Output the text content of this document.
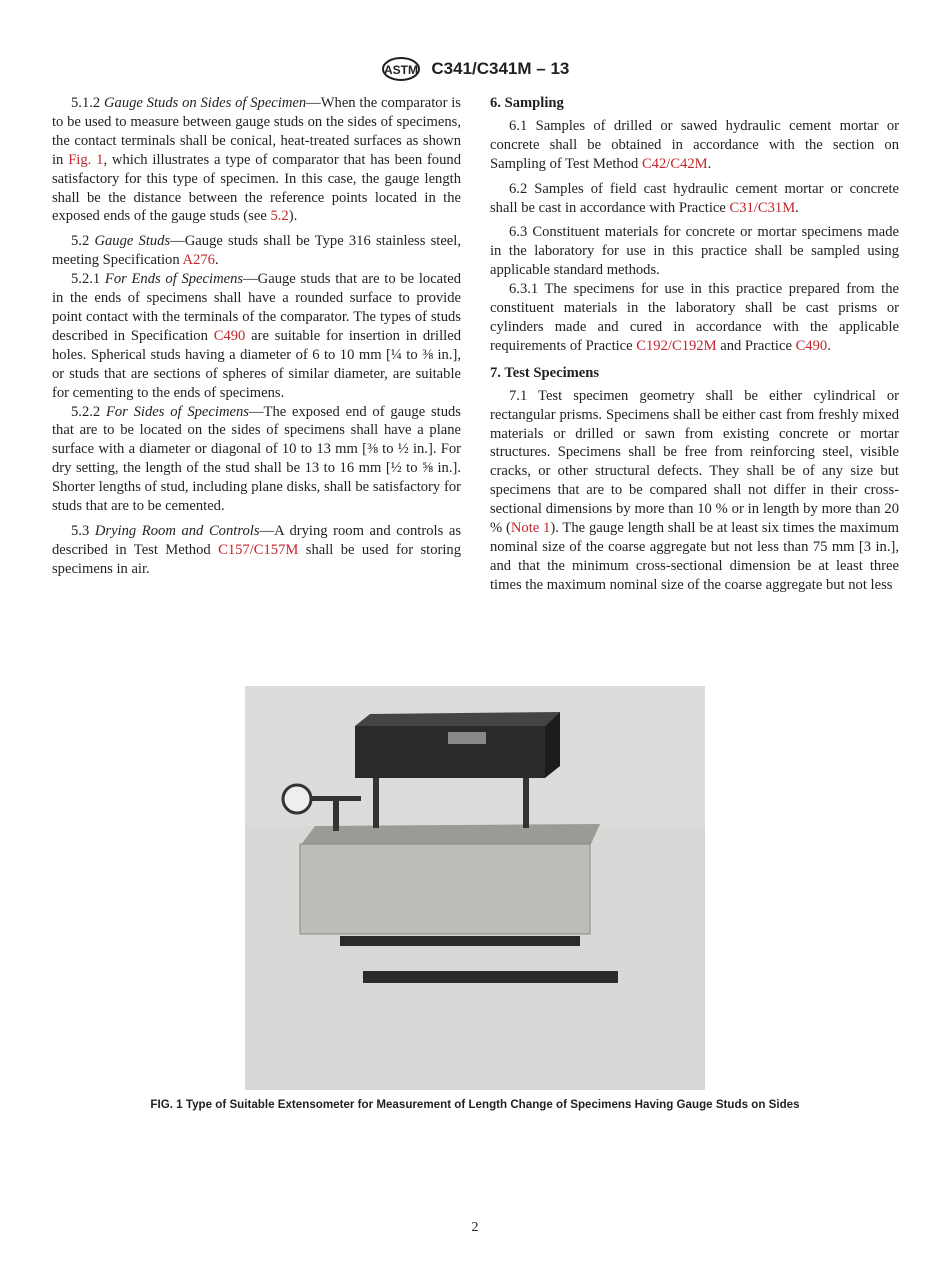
ASTM C341/C341M – 13

5.1.2 Gauge Studs on Sides of Specimen—When the comparator is to be used to measure between gauge studs on the sides of specimens, the contact terminals shall be conical, heat-treated surfaces as shown in Fig. 1, which illustrates a type of comparator that has been found satisfactory for this type of specimen. In this case, the gauge length shall be the distance between the reference points located in the exposed ends of the gauge studs (see 5.2).

5.2 Gauge Studs—Gauge studs shall be Type 316 stainless steel, meeting Specification A276.

5.2.1 For Ends of Specimens—Gauge studs that are to be located in the ends of specimens shall have a rounded surface to provide point contact with the terminals of the comparator. The types of studs described in Specification C490 are suitable for insertion in drilled holes. Spherical studs having a diameter of 6 to 10 mm [¼ to ⅜ in.], or studs that are sections of spheres of similar diameter, are suitable for cementing to the ends of specimens.

5.2.2 For Sides of Specimens—The exposed end of gauge studs that are to be located on the sides of specimens shall have a plane surface with a diameter or diagonal of 10 to 13 mm [⅜ to ½ in.]. For dry setting, the length of the stud shall be 13 to 16 mm [½ to ⅝ in.]. Shorter lengths of stud, including plane disks, shall be satisfactory for studs that are to be cemented.

5.3 Drying Room and Controls—A drying room and controls as described in Test Method C157/C157M shall be used for storing specimens in air.

6. Sampling

6.1 Samples of drilled or sawed hydraulic cement mortar or concrete shall be obtained in accordance with the section on Sampling of Test Method C42/C42M.

6.2 Samples of field cast hydraulic cement mortar or concrete shall be cast in accordance with Practice C31/C31M.

6.3 Constituent materials for concrete or mortar specimens made in the laboratory for use in this practice shall be sampled using applicable standard methods.

6.3.1 The specimens for use in this practice prepared from the constituent materials in the laboratory shall be cast prisms or cylinders made and cured in accordance with the applicable requirements of Practice C192/C192M and Practice C490.

7. Test Specimens

7.1 Test specimen geometry shall be either cylindrical or rectangular prisms. Specimens shall be either cast from freshly mixed materials or drilled or sawn from existing concrete or mortar structures. Specimens shall be free from reinforcing steel, visible cracks, or other structural defects. They shall be of any size but specimens that are to be compared shall not differ in their cross-sectional dimensions by more than 10 % or in length by more than 20 % (Note 1). The gauge length shall be at least six times the maximum nominal size of the coarse aggregate but not less than 75 mm [3 in.], and that the minimum cross-sectional dimension be at least three times the maximum nominal size of the coarse aggregate but not less

FIG. 1 Type of Suitable Extensometer for Measurement of Length Change of Specimens Having Gauge Studs on Sides
2
